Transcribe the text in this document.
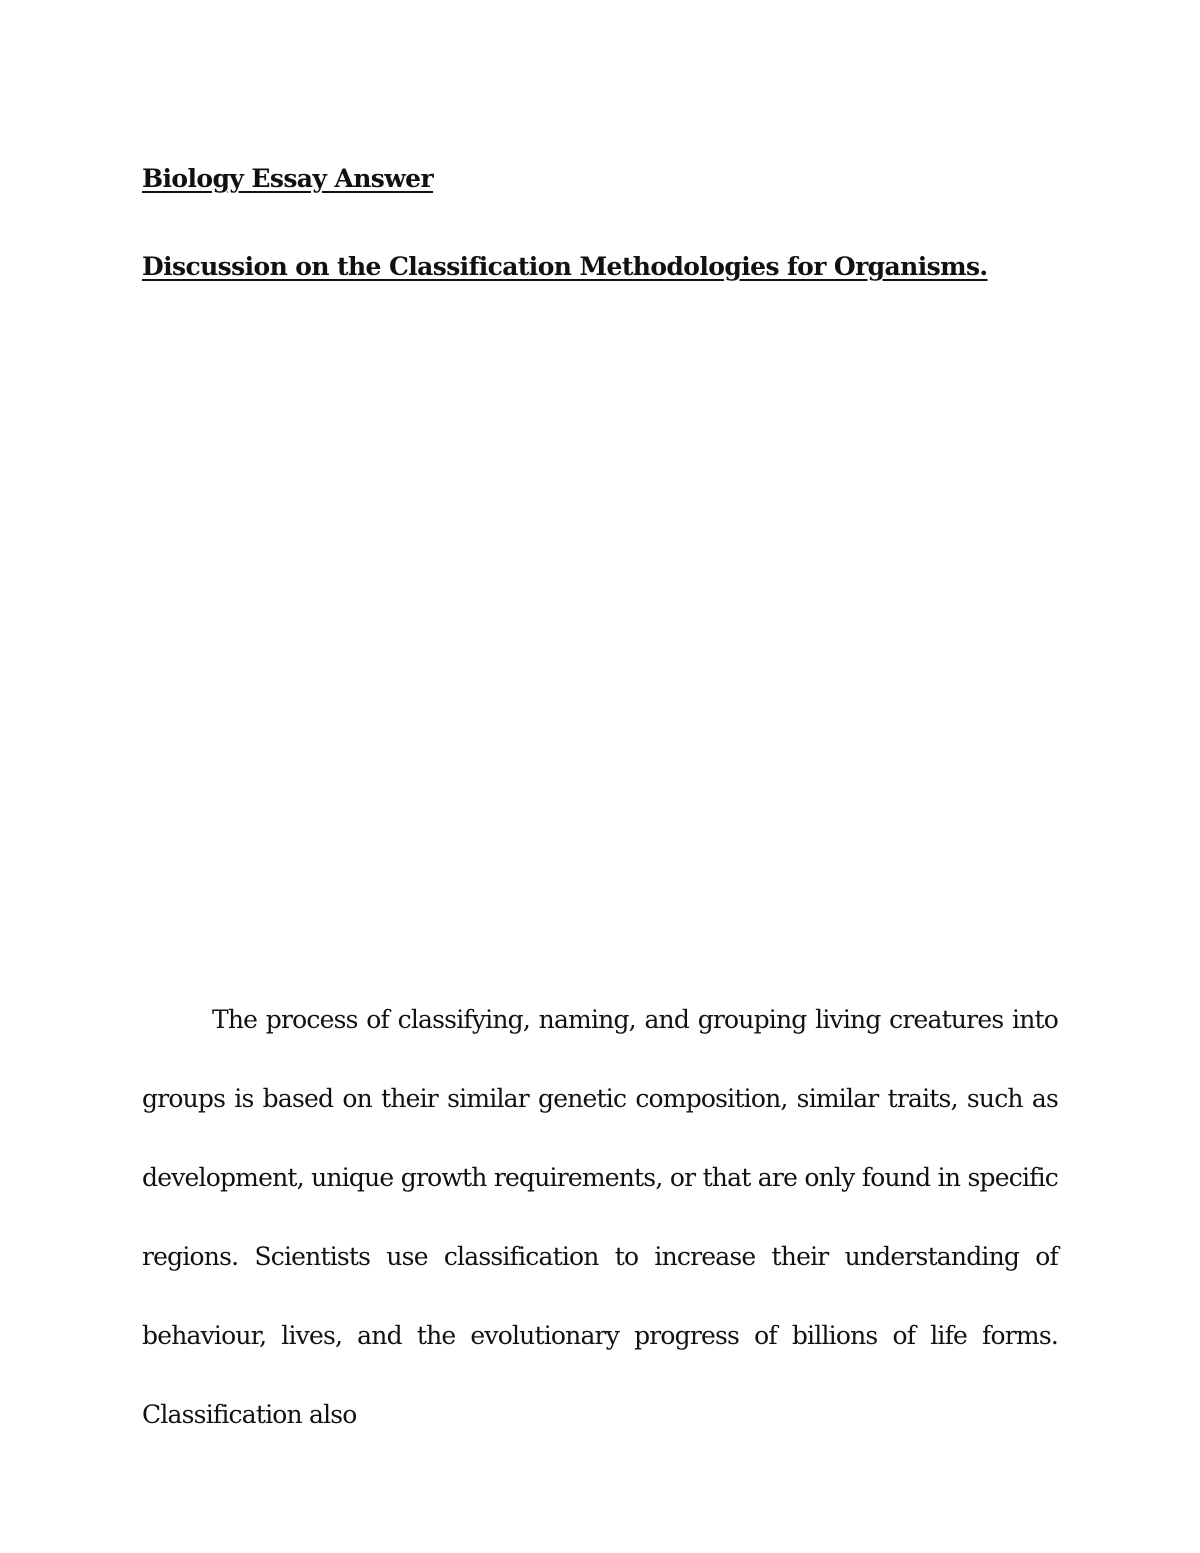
Biology Essay Answer
Discussion on the Classification Methodologies for Organisms.

The process of classifying, naming, and grouping living creatures into groups is based on their similar genetic composition, similar traits, such as development, unique growth requirements, or that are only found in specific regions. Scientists use classification to increase their understanding of behaviour, lives, and the evolutionary progress of billions of life forms. Classification also
